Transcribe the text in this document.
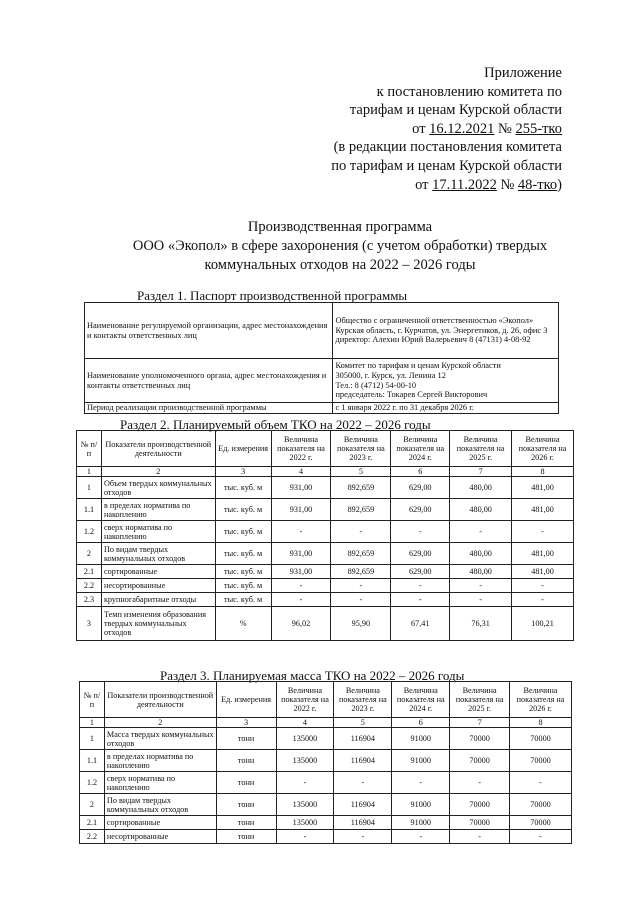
Приложение
к постановлению комитета по
тарифам и ценам Курской области
от 16.12.2021 № 255-тко
(в редакции постановления комитета
по тарифам и ценам Курской области
от 17.11.2022 № 48-тко)
Производственная программа
ООО «Экопол» в сфере захоронения (с учетом обработки) твердых
коммунальных отходов на 2022 – 2026 годы
Раздел 1. Паспорт производственной программы
Наименование регулируемой организации, адрес местонахождения и контакты ответственных лиц	Общество с ограниченной ответственностью «Экопол»
Курская область, г. Курчатов, ул. Энергетиков, д. 26, офис 3
директор: Алехин Юрий Валерьевич 8 (47131) 4-08-92

Наименование уполномоченного органа, адрес местонахождения и контакты ответственных лиц	Комитет по тарифам и ценам Курской области
305000, г. Курск, ул. Ленина 12
Тел.: 8 (4712) 54-00-10
председатель: Токарев Сергей Викторович

Период реализации производственной программы	с 1 января 2022 г. по 31 декабря 2026 г.
Раздел 2. Планируемый объем ТКО на 2022 – 2026 годы
№ п/ п	Показатели производственной деятельности	Ед. измерения	Величина показателя на 2022 г.	Величина показателя на 2023 г.	Величина показателя на 2024 г.	Величина показателя на 2025 г.	Величина показателя на 2026 г.
1	2	3	4	5	6	7	8
1	Объем твердых коммунальных отходов	тыс. куб. м	931,00	892,659	629,00	480,00	481,00
1.1	в пределах норматива по накоплению	тыс. куб. м	931,00	892,659	629,00	480,00	481,00
1.2	сверх норматива по накоплению	тыс. куб. м	-	-	-	-	-
2	По видам твердых коммунальных отходов	тыс. куб. м	931,00	892,659	629,00	480,00	481,00
2.1	сортированные	тыс. куб. м	931,00	892,659	629,00	480,00	481,00
2.2	несортированные	тыс. куб. м	-	-	-	-	-
2.3	крупногабаритные отходы	тыс. куб. м	-	-	-	-	-
3	Темп изменения образования твердых коммунальных отходов	%	96,02	95,90	67,41	76,31	100,21
Раздел 3. Планируемая масса ТКО на 2022 – 2026 годы
№ п/п	Показатели производственной деятельности	Ед. измерения	Величина показателя на 2022 г.	Величина показателя на 2023 г.	Величина показателя на 2024 г.	Величина показателя на 2025 г.	Величина показателя на 2026 г.
1	2	3	4	5	6	7	8
1	Масса твердых коммунальных отходов	тонн	135000	116904	91000	70000	70000
1.1	в пределах норматива по накоплению	тонн	135000	116904	91000	70000	70000
1.2	сверх норматива по накоплению	тонн	-	-	-	-	-
2	По видам твердых коммунальных отходов	тонн	135000	116904	91000	70000	70000
2.1	сортированные	тонн	135000	116904	91000	70000	70000
2.2	несортированные	тонн	-	-	-	-	-
